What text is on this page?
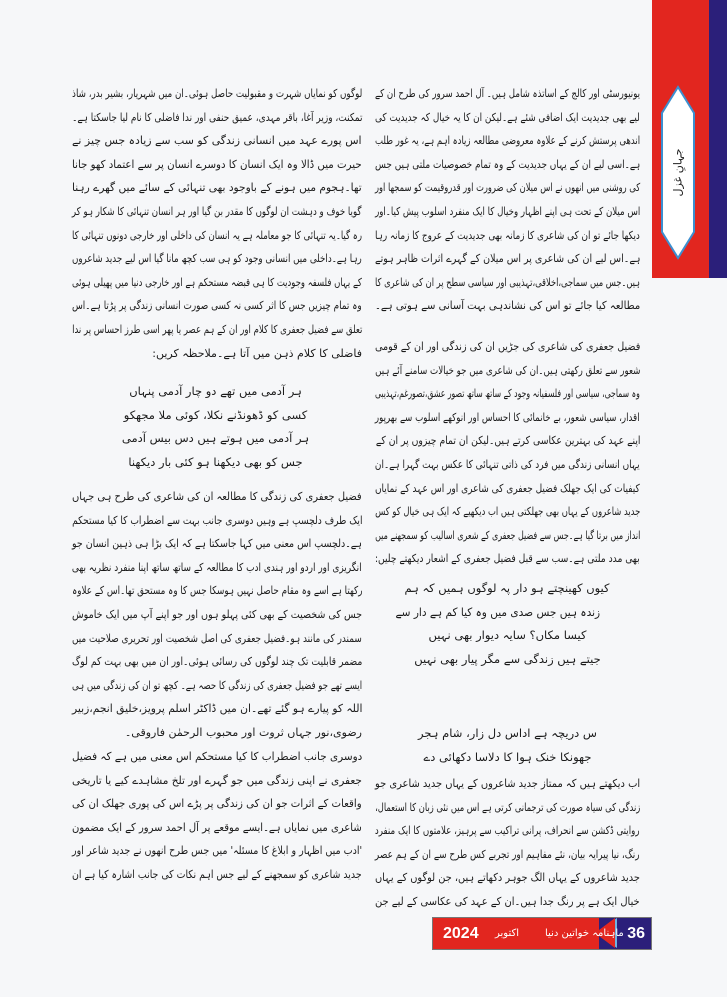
جہانِ غزل
یونیورسٹی اور کالج کے اساتذہ شامل ہیں۔ آل احمد سرور کی طرح ان کے
لیے بھی جدیدیت ایک اضافی شئے ہے۔لیکن ان کا یہ خیال کہ جدیدیت کی
اندھی پرستش کرنے کے علاوہ معروضی مطالعہ زیادہ اہم ہے، یہ غور طلب
ہے۔اسی لیے ان کے یہاں جدیدیت کے وہ تمام خصوصیات ملتی ہیں جس
کی روشنی میں انھوں نے اس میلان کی ضرورت اور قدروقیمت کو سمجھا اور
اس میلان کے تحت ہی اپنے اظہار وخیال کا ایک منفرد اسلوب پیش کیا۔اور
دیکھا جائے تو ان کی شاعری کا زمانہ بھی جدیدیت کے عروج کا زمانہ رہا
ہے۔اس لیے ان کی شاعری پر اس میلان کے گہرے اثرات ظاہر ہوتے
ہیں۔جس میں سماجی،اخلاقی،تہذیبی اور سیاسی سطح پر ان کی شاعری کا
مطالعہ کیا جائے تو اس کی نشاندہی بہت آسانی سے ہوتی ہے۔
فضیل جعفری کی شاعری کی جڑیں ان کی زندگی اور ان کے قومی
شعور سے تعلق رکھتی ہیں۔ان کی شاعری میں جو خیالات سامنے آئے ہیں
وہ سماجی، سیاسی اور فلسفیانہ وجود کے ساتھ ساتھ تصور عشق،تصورغم،تہذیبی
اقدار، سیاسی شعور، بے خانمائی کا احساس اور انوکھے اسلوب سے بھرپور
اپنے عہد کی بہترین عکاسی کرتے ہیں۔لیکن ان تمام چیزوں پر ان کے
یہاں انسانی زندگی میں فرد کی ذاتی تنہائی کا عکس بہت گہرا ہے۔ان
کیفیات کی ایک جھلک فضیل جعفری کی شاعری اور اس عہد کے نمایاں
جدید شاعروں کے یہاں بھی جھلکتی ہیں اب دیکھیے کہ ایک ہی خیال کو کس
انداز میں برتا گیا ہے۔جس سے فضیل جعفری کے شعری اسالیب کو سمجھنے میں
بھی مدد ملتی ہے۔سب سے قبل فضیل جعفری کے اشعار دیکھتے چلیں:
کیوں کھینچتے ہو دار پہ لوگوں ہمیں کہ ہم
زندہ ہیں جس صدی میں وہ کیا کم ہے دار سے
کیسا مکاں؟ سایہ دیوار بھی نہیں
جیتے ہیں زندگی سے مگر پیار بھی نہیں
س دریچہ ہے اداس دل زار، شام ہجر
جھونکا خنک ہوا کا دلاسا دکھائی دے
اب دیکھتے ہیں کہ ممتاز جدید شاعروں کے یہاں جدید شاعری جو
زندگی کی سیاہ صورت کی ترجمانی کرتی ہے اس میں نئی زبان کا استعمال،
روایتی ڈکشن سے انحراف، پرانی تراکیب سے پرہیز، علامتوں کا ایک منفرد
رنگ، نیا پیرایہ بیان، نئے مفاہیم اور تجربے کس طرح سے ان کے ہم عصر
جدید شاعروں کے یہاں الگ جوہر دکھاتے ہیں، جن لوگوں کے یہاں
خیال ایک ہے پر رنگ جدا ہیں۔ان کے عہد کی عکاسی کے لیے جن
لوگوں کو نمایاں شہرت و مقبولیت حاصل ہوئی۔ان میں شہریار، بشیر بدر، شاذ
تمکنت، وزیر آغا، باقر مہدی، عمیق حنفی اور ندا فاضلی کا نام لیا جاسکتا ہے۔
اس پورے عہد میں انسانی زندگی کو سب سے زیادہ جس چیز نے
حیرت میں ڈالا وہ ایک انسان کا دوسرے انسان پر سے اعتماد کھو جانا
تھا۔ہجوم میں ہونے کے باوجود بھی تنہائی کے سائے میں گھرے رہنا
گویا خوف و دہشت ان لوگوں کا مقدر بن گیا اور ہر انسان تنہائی کا شکار ہو کر
رہ گیا۔یہ تنہائی کا جو معاملہ ہے یہ انسان کی داخلی اور خارجی دونوں تنہائی کا
رہا ہے۔داخلی میں انسانی وجود کو ہی سب کچھ مانا گیا اس لیے جدید شاعروں
کے یہاں فلسفہ وجودیت کا ہی قبضہ مستحکم ہے اور خارجی دنیا میں پھیلی ہوئی
وہ تمام چیزیں جس کا اثر کسی نہ کسی صورت انسانی زندگی پر پڑتا ہے۔اس
تعلق سے فضیل جعفری کا کلام اور ان کے ہم عصر یا پھر اسی طرز احساس پر ندا
فاضلی کا کلام ذہن میں آتا ہے۔ملاحظہ کریں:
ہر آدمی میں تھے دو چار آدمی پنہاں
کسی کو ڈھونڈنے نکلا، کوئی ملا مجھکو
ہر آدمی میں ہوتے ہیں دس بیس آدمی
جس کو بھی دیکھنا ہو کئی بار دیکھنا
فضیل جعفری کی زندگی کا مطالعہ ان کی شاعری کی طرح ہی جہاں
ایک طرف دلچسپ ہے وہیں دوسری جانب بہت سے اضطراب کا کیا مستحکم
ہے۔دلچسپ اس معنی میں کہا جاسکتا ہے کہ ایک بڑا ہی ذہین انسان جو
انگریزی اور اردو اور ہندی ادب کا مطالعہ کے ساتھ ساتھ اپنا منفرد نظریہ بھی
رکھتا ہے اسے وہ مقام حاصل نہیں ہوسکا جس کا وہ مستحق تھا۔اس کے علاوہ
جس کی شخصیت کے بھی کئی پہلو ہوں اور جو اپنے آپ میں ایک خاموش
سمندر کی مانند ہو۔فضیل جعفری کی اصل شخصیت اور تحریری صلاحیت میں
مضمر قابلیت تک چند لوگوں کی رسائی ہوئی۔اور ان میں بھی بہت کم لوگ
ایسے تھے جو فضیل جعفری کی زندگی کا حصہ ہے۔ کچھ تو ان کی زندگی میں ہی
اللہ کو پیارے ہو گئے تھے۔ان میں ڈاکٹر اسلم پرویز،خلیق انجم،زبیر
رضوی،نور جہاں ثروت اور محبوب الرحمٰن فاروقی۔
دوسری جانب اضطراب کا کیا مستحکم اس معنی میں ہے کہ فضیل
جعفری نے اپنی زندگی میں جو گہرے اور تلخ مشاہدے کیے یا تاریخی
واقعات کے اثرات جو ان کی زندگی پر پڑے اس کی پوری جھلک ان کی
شاعری میں نمایاں ہے۔ایسے موقعے پر آل احمد سرور کے ایک مضمون
'ادب میں اظہار و ابلاغ کا مسئلہ' میں جس طرح انھوں نے جدید شاعر اور
جدید شاعری کو سمجھنے کے لیے جس اہم نکات کی جانب اشارہ کیا ہے ان
36
ماہنامہ خواتین دنیا
اکتوبر
2024
